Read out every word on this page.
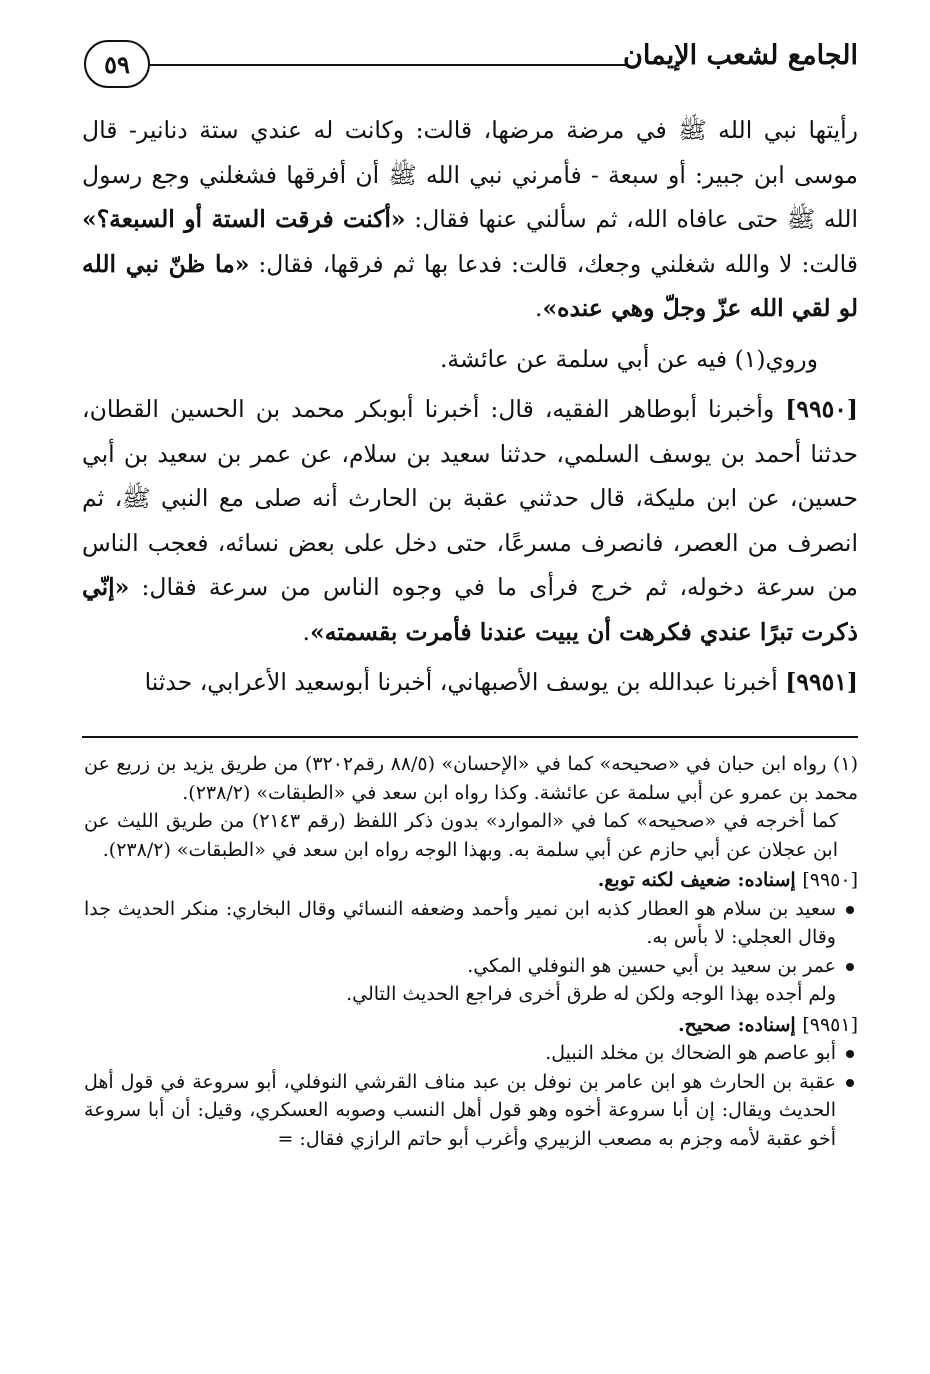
الجامع لشعب الإيمان
٥٩

رأيتها نبي الله ﷺ في مرضة مرضها، قالت: وكانت له عندي ستة دنانير- قال موسى ابن جبير: أو سبعة - فأمرني نبي الله ﷺ أن أفرقها فشغلني وجع رسول الله ﷺ حتى عافاه الله، ثم سألني عنها فقال: «أكنت فرقت الستة أو السبعة؟» قالت: لا والله شغلني وجعك، قالت: فدعا بها ثم فرقها، فقال: «ما ظنّ نبي الله لو لقي الله عزّ وجلّ وهي عنده».

وروي(١) فيه عن أبي سلمة عن عائشة.

[٩٩٥٠] وأخبرنا أبوطاهر الفقيه، قال: أخبرنا أبوبكر محمد بن الحسين القطان، حدثنا أحمد بن يوسف السلمي، حدثنا سعيد بن سلام، عن عمر بن سعيد بن أبي حسين، عن ابن مليكة، قال حدثني عقبة بن الحارث أنه صلى مع النبي ﷺ، ثم انصرف من العصر، فانصرف مسرعًا، حتى دخل على بعض نسائه، فعجب الناس من سرعة دخوله، ثم خرج فرأى ما في وجوه الناس من سرعة فقال: «إنّي ذكرت تبرًا عندي فكرهت أن يبيت عندنا فأمرت بقسمته».

[٩٩٥١] أخبرنا عبدالله بن يوسف الأصبهاني، أخبرنا أبوسعيد الأعرابي، حدثنا

(١) رواه ابن حبان في «صحيحه» كما في «الإحسان» (٨٨/٥ رقم٣٢٠٢) من طريق يزيد بن زريع عن محمد بن عمرو عن أبي سلمة عن عائشة. وكذا رواه ابن سعد في «الطبقات» (٢٣٨/٢).

كما أخرجه في «صحيحه» كما في «الموارد» بدون ذكر اللفظ (رقم ٢١٤٣) من طريق الليث عن ابن عجلان عن أبي حازم عن أبي سلمة به. وبهذا الوجه رواه ابن سعد في «الطبقات» (٢٣٨/٢).

[٩٩٥٠] إسناده: ضعيف لكنه توبع.

سعيد بن سلام هو العطار كذبه ابن نمير وأحمد وضعفه النسائي وقال البخاري: منكر الحديث جدا وقال العجلي: لا بأس به.

عمر بن سعيد بن أبي حسين هو النوفلي المكي.

ولم أجده بهذا الوجه ولكن له طرق أخرى فراجع الحديث التالي.

[٩٩٥١] إسناده: صحيح.

أبو عاصم هو الضحاك بن مخلد النبيل.

عقبة بن الحارث هو ابن عامر بن نوفل بن عبد مناف القرشي النوفلي، أبو سروعة في قول أهل الحديث ويقال: إن أبا سروعة أخوه وهو قول أهل النسب وصوبه العسكري، وقيل: أن أبا سروعة أخو عقبة لأمه وجزم به مصعب الزبيري وأغرب أبو حاتم الرازي فقال: =
